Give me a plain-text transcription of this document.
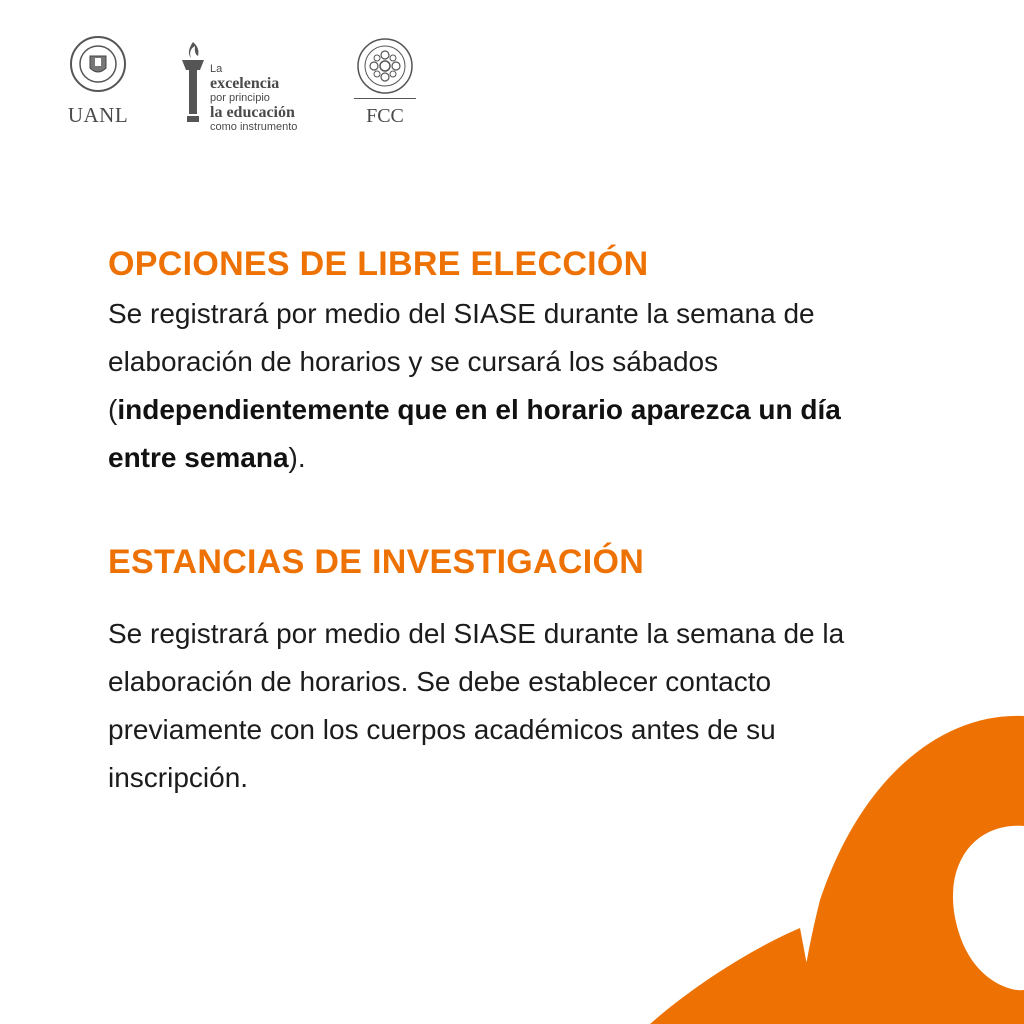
UANL
La
excelencia
por principio
la educación
como instrumento	FCC
OPCIONES DE LIBRE ELECCIÓN

Se registrará por medio del SIASE durante la semana de elaboración de horarios y se cursará los sábados (independientemente que en el horario aparezca un día entre semana).

ESTANCIAS DE INVESTIGACIÓN

Se registrará por medio del SIASE durante la semana de la elaboración de horarios. Se debe establecer contacto previamente con los cuerpos académicos antes de su inscripción.
